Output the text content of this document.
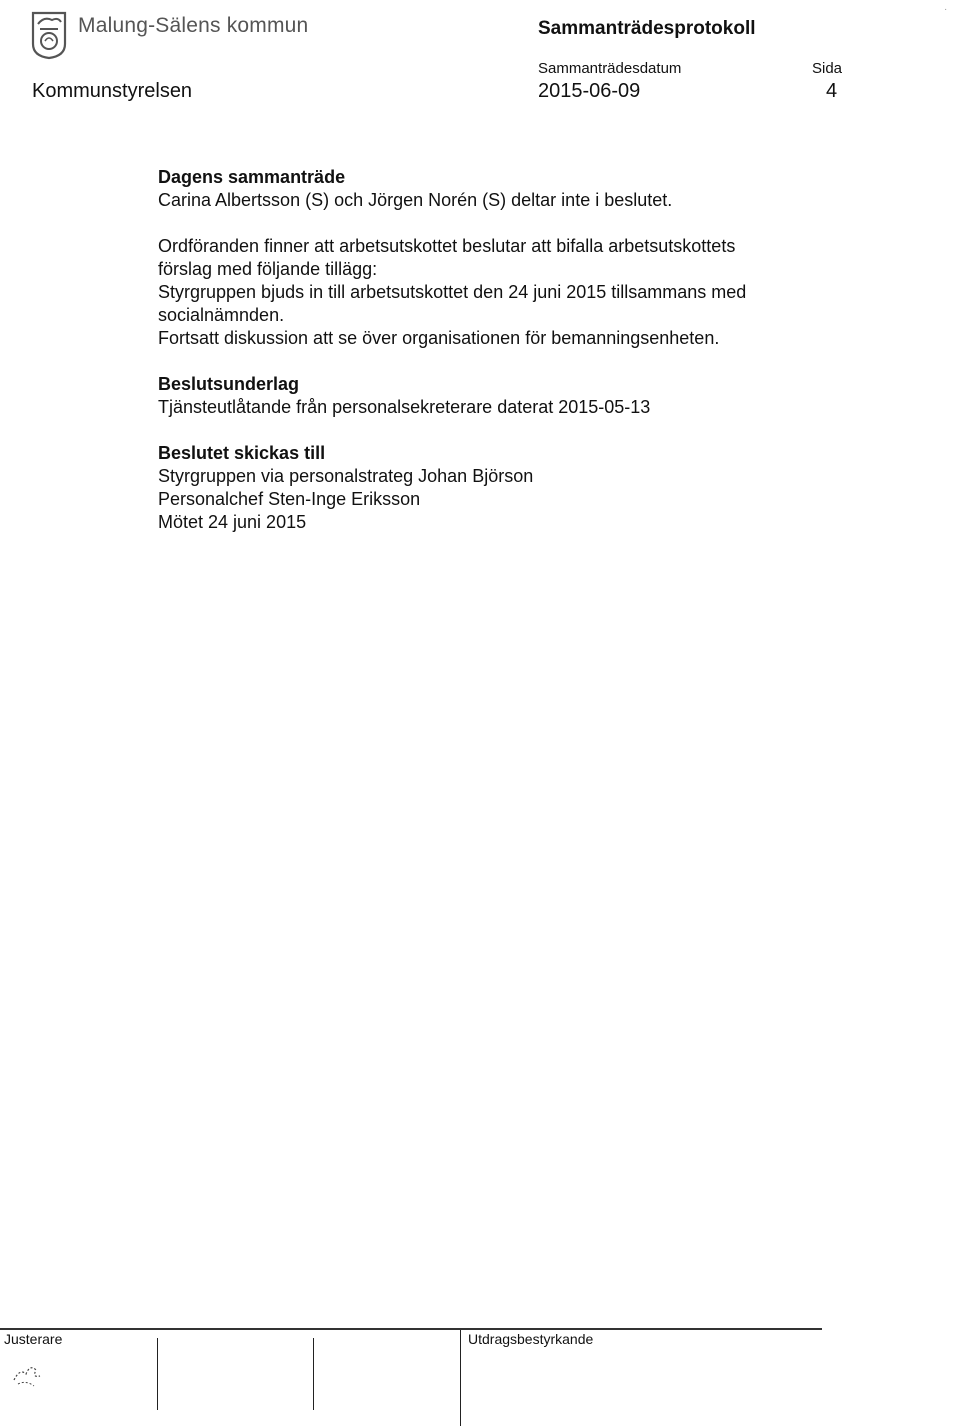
Malung-Sälens kommun	Sammanträdesprotokoll
Sammanträdesdatum	Sida
Kommunstyrelsen	2015-06-09	4
·
Dagens sammanträde
Carina Albertsson (S) och Jörgen Norén (S) deltar inte i beslutet.
Ordföranden finner att arbetsutskottet beslutar att bifalla arbetsutskottets
förslag med följande tillägg:
Styrgruppen bjuds in till arbetsutskottet den 24 juni 2015 tillsammans med
socialnämnden.
Fortsatt diskussion att se över organisationen för bemanningsenheten.
Beslutsunderlag
Tjänsteutlåtande från personalsekreterare daterat 2015-05-13
Beslutet skickas till
Styrgruppen via personalstrateg Johan Björson
Personalchef Sten-Inge Eriksson
Mötet 24 juni 2015
Justerare	Utdragsbestyrkande
